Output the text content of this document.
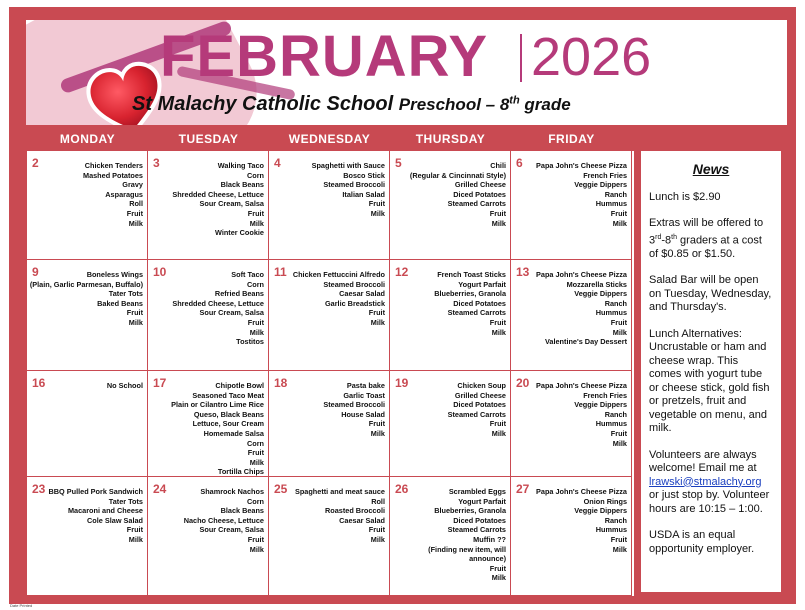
FEBRUARY 2026
St Malachy Catholic School Preschool – 8th grade
MONDAY	TUESDAY	WEDNESDAY	THURSDAY	FRIDAY
2	Chicken Tenders
Mashed Potatoes
Gravy
Asparagus
Roll
Fruit
Milk
3	Walking Taco
Corn
Black Beans
Shredded Cheese, Lettuce
Sour Cream, Salsa
Fruit
Milk
Winter Cookie
4	Spaghetti with Sauce
Bosco Stick
Steamed Broccoli
Italian Salad
Fruit
Milk
5	Chili
(Regular & Cincinnati Style)
Grilled Cheese
Diced Potatoes
Steamed Carrots
Fruit
Milk
6 Papa John's Cheese Pizza
French Fries
Veggie Dippers
Ranch
Hummus
Fruit
Milk
9	Boneless Wings
(Plain, Garlic Parmesan, Buffalo)
Tater Tots
Baked Beans
Fruit
Milk
10	Soft Taco
Corn
Refried Beans
Shredded Cheese, Lettuce
Sour Cream, Salsa
Fruit
Milk
Tostitos
11 Chicken Fettuccini Alfredo
Steamed Broccoli
Caesar Salad
Garlic Breadstick
Fruit
Milk
12	French Toast Sticks
Yogurt Parfait
Blueberries, Granola
Diced Potatoes
Steamed Carrots
Fruit
Milk
13 Papa John's Cheese Pizza
Mozzarella Sticks
Veggie Dippers
Ranch
Hummus
Fruit
Milk
Valentine's Day Dessert
16	No School 17	Chipotle Bowl
Seasoned Taco Meat
Plain or Cilantro Lime Rice
Queso, Black Beans
Lettuce, Sour Cream
Homemade Salsa
Corn
Fruit
Milk
Tortilla Chips
18	Pasta bake
Garlic Toast
Steamed Broccoli
House Salad
Fruit
Milk
19	Chicken Soup
Grilled Cheese
Diced Potatoes
Steamed Carrots
Fruit
Milk
20 Papa John's Cheese Pizza
French Fries
Veggie Dippers
Ranch
Hummus
Fruit
Milk
23 BBQ Pulled Pork Sandwich
Tater Tots
Macaroni and Cheese
Cole Slaw Salad
Fruit
Milk
24	Shamrock Nachos
Corn
Black Beans
Nacho Cheese, Lettuce
Sour Cream, Salsa
Fruit
Milk
25 Spaghetti and meat sauce
Roll
Roasted Broccoli
Caesar Salad
Fruit
Milk
26	Scrambled Eggs
Yogurt Parfait
Blueberries, Granola
Diced Potatoes
Steamed Carrots
Muffin ??
(Finding new item, will
announce)
Fruit
Milk
27 Papa John's Cheese Pizza
Onion Rings
Veggie Dippers
Ranch
Hummus
Fruit
Milk
News

Lunch is $2.90

Extras will be offered to 3rd-8th graders at a cost of $0.85 or $1.50.

Salad Bar will be open on Tuesday, Wednesday, and Thursday's.

Lunch Alternatives: Uncrustable or ham and cheese wrap. This comes with yogurt tube or cheese stick, gold fish or pretzels, fruit and vegetable on menu, and milk.

Volunteers are always welcome! Email me at lrawski@stmalachy.org or just stop by. Volunteer hours are 10:15 – 1:00.

USDA is an equal opportunity employer.

Date Printed
